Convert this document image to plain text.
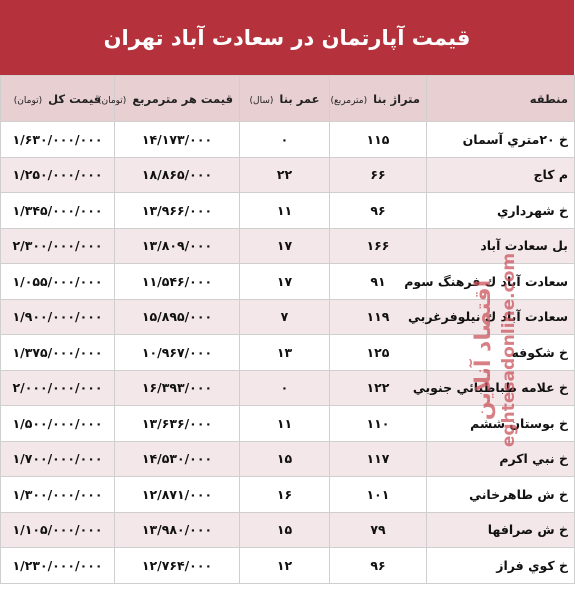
قیمت آپارتمان در سعادت آباد تهران
منطقه	متراژ بنا (مترمربع)	عمر بنا (سال)	قیمت هر مترمربع (تومان)	قیمت کل (تومان)
خ ۲۰متري آسمان	۱۱۵	۰	۱۴/۱۷۳/۰۰۰	۱/۶۳۰/۰۰۰/۰۰۰
م كاج	۶۶	۲۲	۱۸/۸۶۵/۰۰۰	۱/۲۵۰/۰۰۰/۰۰۰
خ شهرداري	۹۶	۱۱	۱۳/۹۶۶/۰۰۰	۱/۳۴۵/۰۰۰/۰۰۰
بل سعادت آباد	۱۶۶	۱۷	۱۳/۸۰۹/۰۰۰	۲/۳۰۰/۰۰۰/۰۰۰
سعادت آباد ك فرهنگ سوم	۹۱	۱۷	۱۱/۵۴۶/۰۰۰	۱/۰۵۵/۰۰۰/۰۰۰
سعادت آباد ك نيلوفرغربي	۱۱۹	۷	۱۵/۸۹۵/۰۰۰	۱/۹۰۰/۰۰۰/۰۰۰
خ شكوفه	۱۲۵	۱۳	۱۰/۹۶۷/۰۰۰	۱/۳۷۵/۰۰۰/۰۰۰
خ علامه طباطبائي جنوبي	۱۲۲	۰	۱۶/۳۹۳/۰۰۰	۲/۰۰۰/۰۰۰/۰۰۰
خ بوستان ششم	۱۱۰	۱۱	۱۳/۶۳۶/۰۰۰	۱/۵۰۰/۰۰۰/۰۰۰
خ نبي اكرم	۱۱۷	۱۵	۱۴/۵۳۰/۰۰۰	۱/۷۰۰/۰۰۰/۰۰۰
خ ش طاهرخاني	۱۰۱	۱۶	۱۲/۸۷۱/۰۰۰	۱/۳۰۰/۰۰۰/۰۰۰
خ ش صرافها	۷۹	۱۵	۱۳/۹۸۰/۰۰۰	۱/۱۰۵/۰۰۰/۰۰۰
خ كوي فراز	۹۶	۱۲	۱۲/۷۶۴/۰۰۰	۱/۲۳۰/۰۰۰/۰۰۰
اقتصاد آنلاین eghtesadonline.com
